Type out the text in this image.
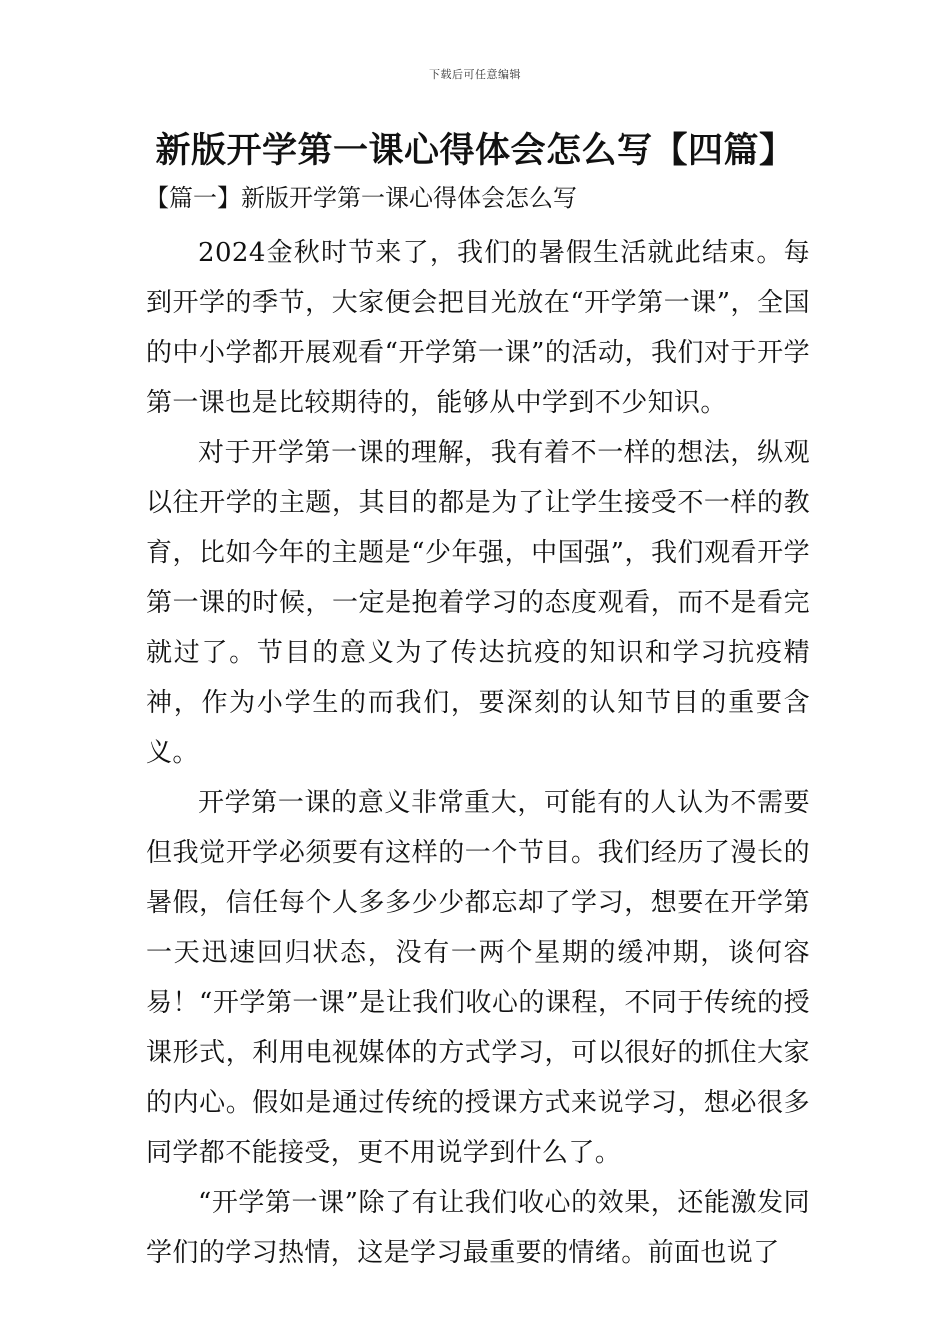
下载后可任意编辑
新版开学第一课心得体会怎么写【四篇】
【篇一】新版开学第一课心得体会怎么写

2024金秋时节来了，我们的暑假生活就此结束。每到开学的季节，大家便会把目光放在“开学第一课”，全国的中小学都开展观看“开学第一课”的活动，我们对于开学第一课也是比较期待的，能够从中学到不少知识。

对于开学第一课的理解，我有着不一样的想法，纵观以往开学的主题，其目的都是为了让学生接受不一样的教育，比如今年的主题是“少年强，中国强”，我们观看开学第一课的时候，一定是抱着学习的态度观看，而不是看完就过了。节目的意义为了传达抗疫的知识和学习抗疫精神，作为小学生的而我们，要深刻的认知节目的重要含义。

开学第一课的意义非常重大，可能有的人认为不需要但我觉开学必须要有这样的一个节目。我们经历了漫长的暑假，信任每个人多多少少都忘却了学习，想要在开学第一天迅速回归状态，没有一两个星期的缓冲期，谈何容易！“开学第一课”是让我们收心的课程，不同于传统的授课形式，利用电视媒体的方式学习，可以很好的抓住大家的内心。假如是通过传统的授课方式来说学习，想必很多同学都不能接受，更不用说学到什么了。

“开学第一课”除了有让我们收心的效果，还能激发同学们的学习热情，这是学习最重要的情绪。前面也说了
